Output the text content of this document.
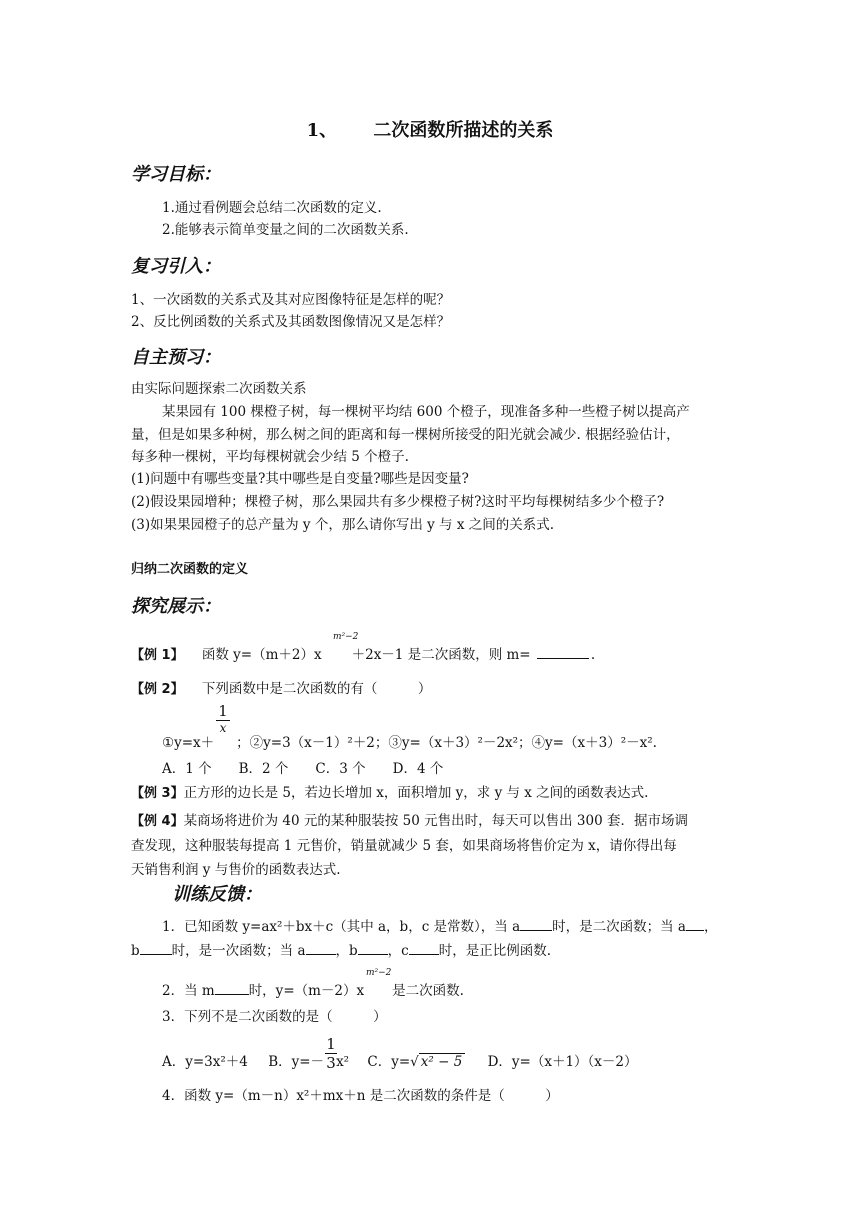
1、 二次函数所描述的关系
学习目标：
1.通过看例题会总结二次函数的定义.
2.能够表示简单变量之间的二次函数关系.
复习引入：
1、一次函数的关系式及其对应图像特征是怎样的呢？
2、反比例函数的关系式及其函数图像情况又是怎样？
自主预习：
由实际问题探索二次函数关系
某果园有 100 棵橙子树，每一棵树平均结 600 个橙子，现准备多种一些橙子树以提高产
量，但是如果多种树，那么树之间的距离和每一棵树所接受的阳光就会减少. 根据经验估计，
每多种一棵树，平均每棵树就会少结 5 个橙子.
(1)问题中有哪些变量?其中哪些是自变量?哪些是因变量?
(2)假设果园增种；棵橙子树，那么果园共有多少棵橙子树?这时平均每棵树结多少个橙子?
(3)如果果园橙子的总产量为 y 个，那么请你写出 y 与 x 之间的关系式.
归纳二次函数的定义
探究展示：
【例 1】 函数 y=（m＋2）x ＋2x－1 是二次函数，则 m=	.
m²−2
【例 2】 下列函数中是二次函数的有（　　　）
1
x
①y=x＋ ；②y=3（x－1）²＋2；③y=（x＋3）²－2x²；④y=（x＋3）²－x².
A．1 个　　B．2 个　　C．3 个　　D．4 个
【例 3】正方形的边长是 5，若边长增加 x，面积增加 y，求 y 与 x 之间的函数表达式.
【例 4】某商场将进价为 40 元的某种服装按 50 元售出时，每天可以售出 300 套．据市场调
查发现，这种服装每提高 1 元售价，销量就减少 5 套，如果商场将售价定为 x，请你得出每
天销售利润 y 与售价的函数表达式.
训练反馈：
1．已知函数 y=ax²＋bx＋c（其中 a，b，c 是常数），当 a 时，是二次函数；当 a ，
b 时，是一次函数；当 a ，b ，c 时，是正比例函数.
2．当 m	时，y=（m－2）x 是二次函数.
m²−2
3．下列不是二次函数的是（　　　）
A．y=3x²＋4 B．y=－ x² C．y=√ x² − 5 D．y=（x＋1）（x－2）
$\frac{1}{3}$
4．函数 y=（m－n）x²＋mx＋n 是二次函数的条件是（　　　）
